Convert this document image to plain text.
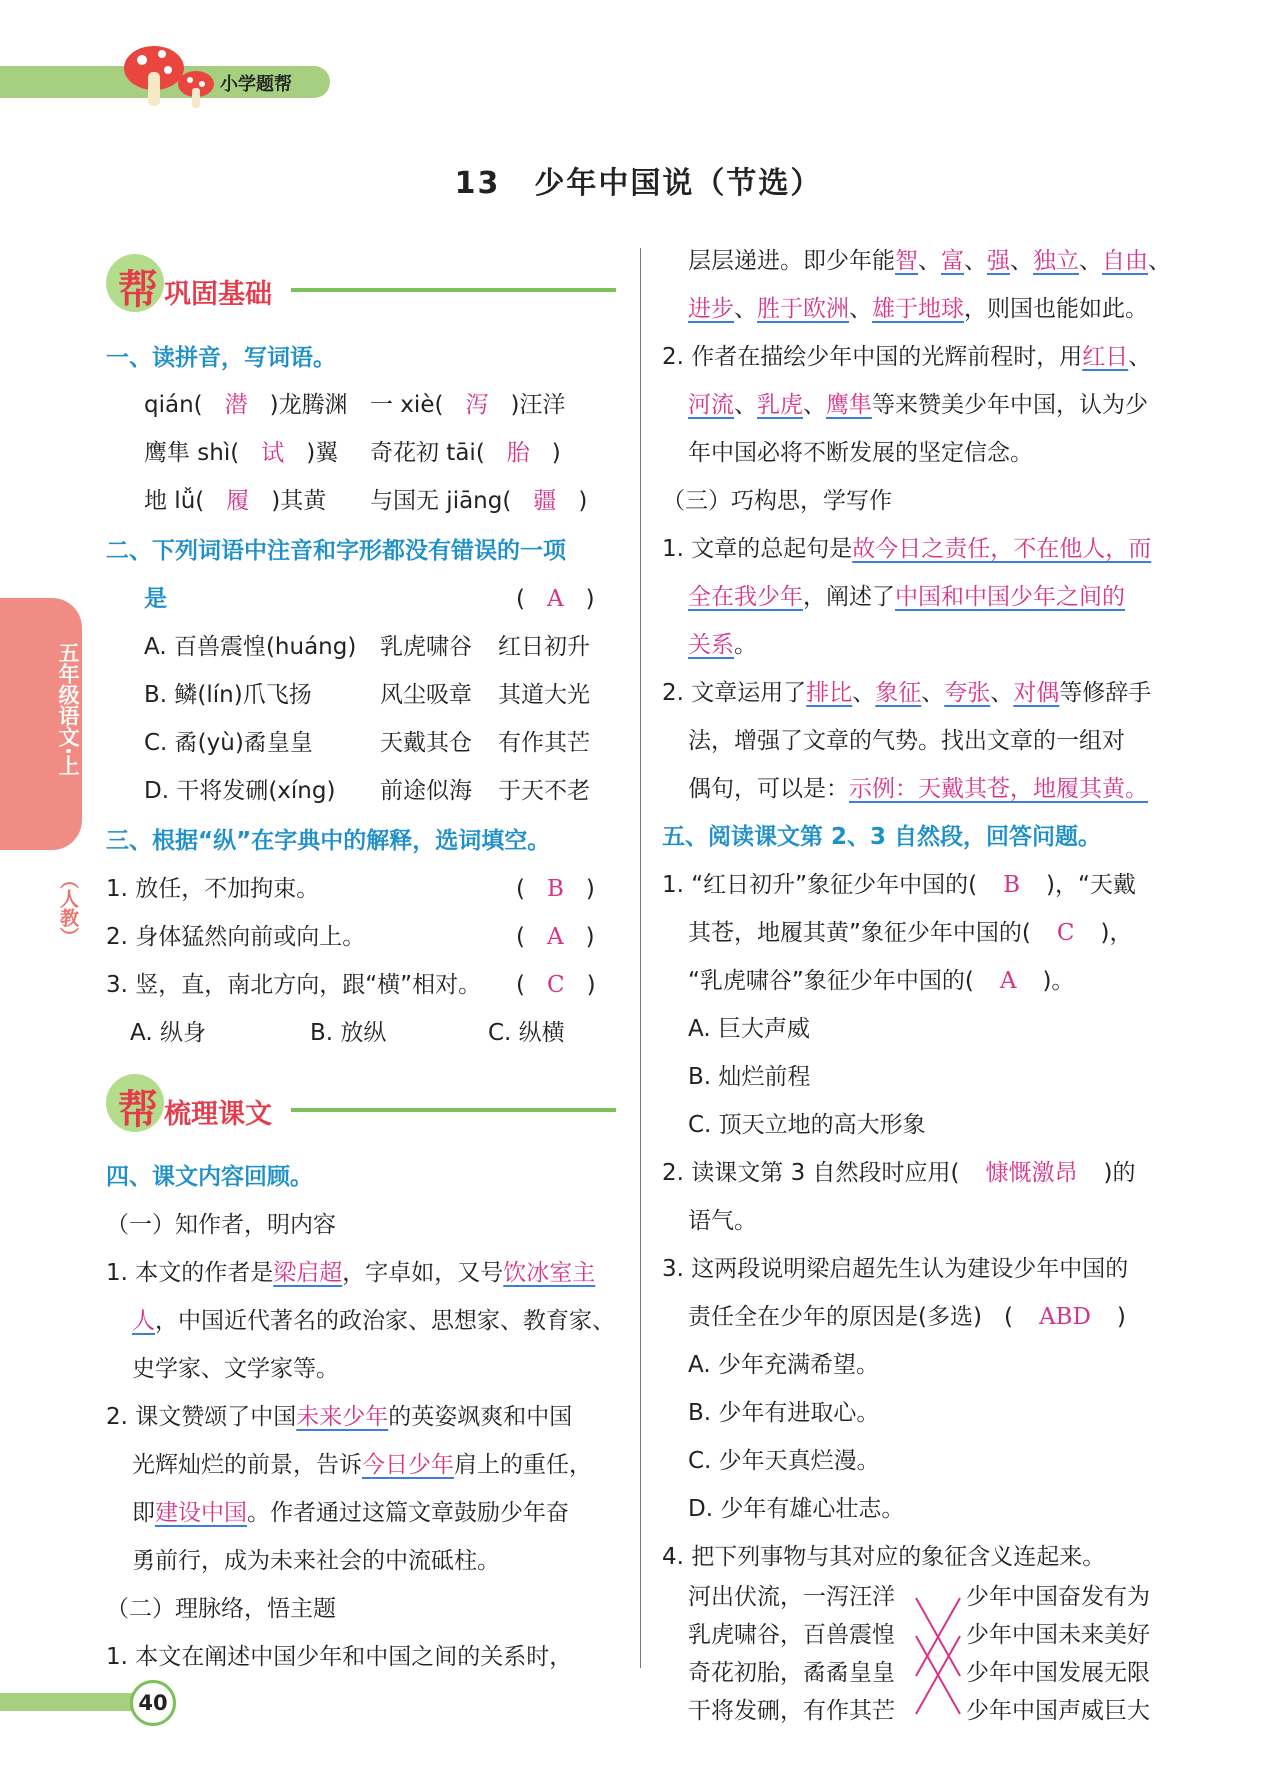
小学题帮
13 少年中国说（节选）
五年级语文·上
（人教）
帮 巩固基础
一、读拼音，写词语。
qián( 潜 )龙腾渊 一 xiè( 泻 )汪洋
鹰隼 shì( 试 )翼 奇花初 tāi( 胎 )
地 lǚ( 履 )其黄 与国无 jiāng( 疆 )
二、下列词语中注音和字形都没有错误的一项
是	( A )
A. 百兽震惶(huáng) 乳虎啸谷 红日初升
B. 鳞(lín)爪飞扬	风尘吸章 其道大光
C. 矞(yù)矞皇皇	天戴其仓 有作其芒
D. 干将发硎(xíng) 前途似海 于天不老
三、根据“纵”在字典中的解释，选词填空。
1. 放任，不加拘束。	( B )
2. 身体猛然向前或向上。	( A )
3. 竖，直，南北方向，跟“横”相对。 ( C )
A. 纵身	B. 放纵	C. 纵横
帮 梳理课文
四、课文内容回顾。
（一）知作者，明内容
1. 本文的作者是梁启超，字卓如，又号饮冰室主
人，中国近代著名的政治家、思想家、教育家、
史学家、文学家等。
2. 课文赞颂了中国未来少年的英姿飒爽和中国
光辉灿烂的前景，告诉今日少年肩上的重任，
即建设中国。作者通过这篇文章鼓励少年奋
勇前行，成为未来社会的中流砥柱。
（二）理脉络，悟主题
1. 本文在阐述中国少年和中国之间的关系时，
层层递进。即少年能智、富、强、独立、自由、
进步、胜于欧洲、雄于地球，则国也能如此。
2. 作者在描绘少年中国的光辉前程时，用红日、
河流、乳虎、鹰隼等来赞美少年中国，认为少
年中国必将不断发展的坚定信念。
（三）巧构思，学写作
1. 文章的总起句是故今日之责任，不在他人，而
全在我少年，阐述了中国和中国少年之间的
关系。
2. 文章运用了排比、象征、夸张、对偶等修辞手
法，增强了文章的气势。找出文章的一组对
偶句，可以是：示例：天戴其苍，地履其黄。
五、阅读课文第 2、3 自然段，回答问题。
1. “红日初升”象征少年中国的( B )，“天戴
其苍，地履其黄”象征少年中国的( C )，
“乳虎啸谷”象征少年中国的( A )。
A. 巨大声威
B. 灿烂前程
C. 顶天立地的高大形象
2. 读课文第 3 自然段时应用( 慷慨激昂 )的
语气。
3. 这两段说明梁启超先生认为建设少年中国的
责任全在少年的原因是(多选) ( ABD )
A. 少年充满希望。
B. 少年有进取心。
C. 少年天真烂漫。
D. 少年有雄心壮志。
4. 把下列事物与其对应的象征含义连起来。
河出伏流，一泻汪洋
乳虎啸谷，百兽震惶
奇花初胎，矞矞皇皇
干将发硎，有作其芒
少年中国奋发有为
少年中国未来美好
少年中国发展无限
少年中国声威巨大
40
